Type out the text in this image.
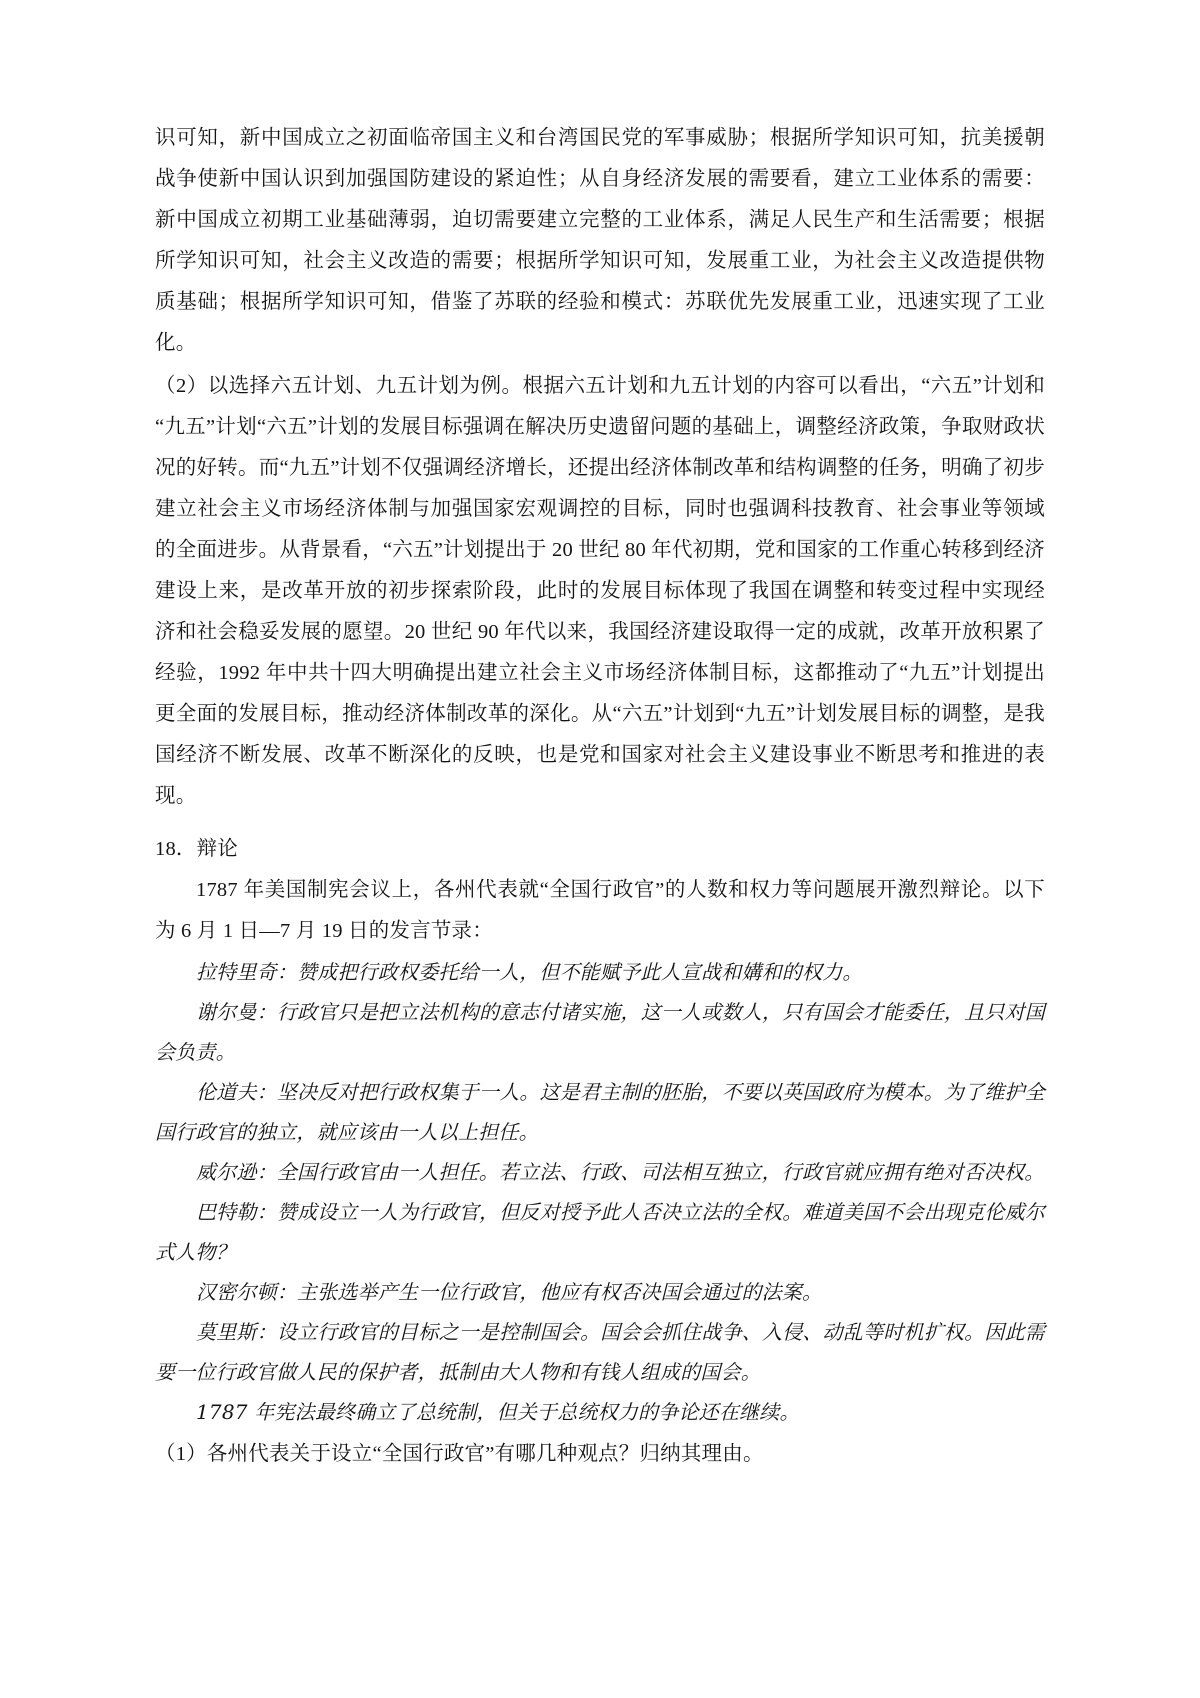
识可知，新中国成立之初面临帝国主义和台湾国民党的军事威胁；根据所学知识可知，抗美援朝战争使新中国认识到加强国防建设的紧迫性；从自身经济发展的需要看，建立工业体系的需要：新中国成立初期工业基础薄弱，迫切需要建立完整的工业体系，满足人民生产和生活需要；根据所学知识可知，社会主义改造的需要；根据所学知识可知，发展重工业，为社会主义改造提供物质基础；根据所学知识可知，借鉴了苏联的经验和模式：苏联优先发展重工业，迅速实现了工业化。

（2）以选择六五计划、九五计划为例。根据六五计划和九五计划的内容可以看出，“六五”计划和“九五”计划“六五”计划的发展目标强调在解决历史遗留问题的基础上，调整经济政策，争取财政状况的好转。而“九五”计划不仅强调经济增长，还提出经济体制改革和结构调整的任务，明确了初步建立社会主义市场经济体制与加强国家宏观调控的目标，同时也强调科技教育、社会事业等领域的全面进步。从背景看，“六五”计划提出于 20 世纪 80 年代初期，党和国家的工作重心转移到经济建设上来，是改革开放的初步探索阶段，此时的发展目标体现了我国在调整和转变过程中实现经济和社会稳妥发展的愿望。20 世纪 90 年代以来，我国经济建设取得一定的成就，改革开放积累了经验，1992 年中共十四大明确提出建立社会主义市场经济体制目标，这都推动了“九五”计划提出更全面的发展目标，推动经济体制改革的深化。从“六五”计划到“九五”计划发展目标的调整，是我国经济不断发展、改革不断深化的反映，也是党和国家对社会主义建设事业不断思考和推进的表现。

18．辩论

1787 年美国制宪会议上，各州代表就“全国行政官”的人数和权力等问题展开激烈辩论。以下为 6 月 1 日—7 月 19 日的发言节录：

拉特里奇：赞成把行政权委托给一人，但不能赋予此人宣战和媾和的权力。

谢尔曼：行政官只是把立法机构的意志付诸实施，这一人或数人，只有国会才能委任，且只对国会负责。

伦道夫：坚决反对把行政权集于一人。这是君主制的胚胎，不要以英国政府为模本。为了维护全国行政官的独立，就应该由一人以上担任。

威尔逊：全国行政官由一人担任。若立法、行政、司法相互独立，行政官就应拥有绝对否决权。

巴特勒：赞成设立一人为行政官，但反对授予此人否决立法的全权。难道美国不会出现克伦威尔式人物？

汉密尔顿：主张选举产生一位行政官，他应有权否决国会通过的法案。

莫里斯：设立行政官的目标之一是控制国会。国会会抓住战争、入侵、动乱等时机扩权。因此需要一位行政官做人民的保护者，抵制由大人物和有钱人组成的国会。

1787 年宪法最终确立了总统制，但关于总统权力的争论还在继续。

（1）各州代表关于设立“全国行政官”有哪几种观点？归纳其理由。
